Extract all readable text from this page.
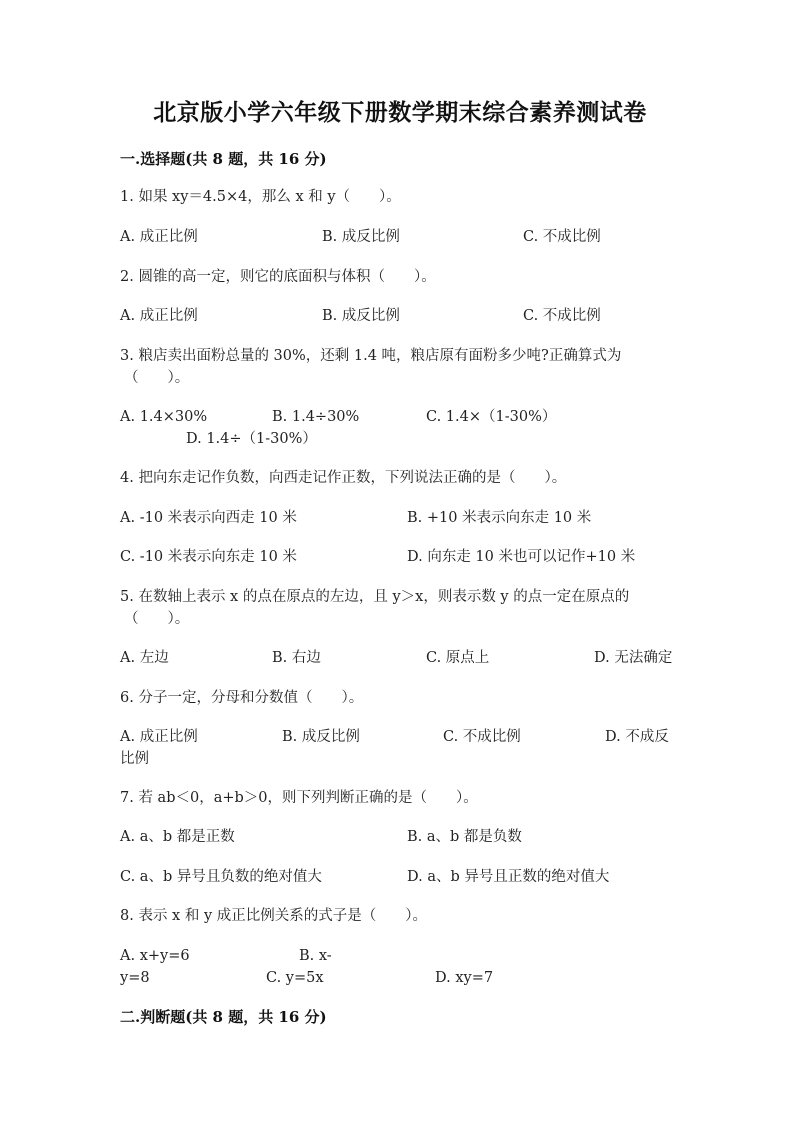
北京版小学六年级下册数学期末综合素养测试卷
一.选择题(共 8 题，共 16 分)
1. 如果 xy＝4.5×4，那么 x 和 y（　　）。
A. 成正比例	B. 成反比例	C. 不成比例
2. 圆锥的高一定，则它的底面积与体积（　　）。
A. 成正比例	B. 成反比例	C. 不成比例
3. 粮店卖出面粉总量的 30%，还剩 1.4 吨，粮店原有面粉多少吨?正确算式为
（　　）。
A. 1.4×30%	B. 1.4÷30%	C. 1.4×（1-30%）
D. 1.4÷（1-30%）
4. 把向东走记作负数，向西走记作正数，下列说法正确的是（　　）。
A. -10 米表示向西走 10 米	B. +10 米表示向东走 10 米
C. -10 米表示向东走 10 米	D. 向东走 10 米也可以记作+10 米
5. 在数轴上表示 x 的点在原点的左边，且 y＞x，则表示数 y 的点一定在原点的
（　　）。
A. 左边	B. 右边	C. 原点上	D. 无法确定
6. 分子一定，分母和分数值（　　）。
A. 成正比例	B. 成反比例	C. 不成比例	D. 不成反
比例
7. 若 ab＜0，a+b＞0，则下列判断正确的是（　　）。
A. a、b 都是正数	B. a、b 都是负数
C. a、b 异号且负数的绝对值大	D. a、b 异号且正数的绝对值大
8. 表示 x 和 y 成正比例关系的式子是（　　）。
A. x+y=6	B. x-
y=8	C. y=5x	D. xy=7
二.判断题(共 8 题，共 16 分)
